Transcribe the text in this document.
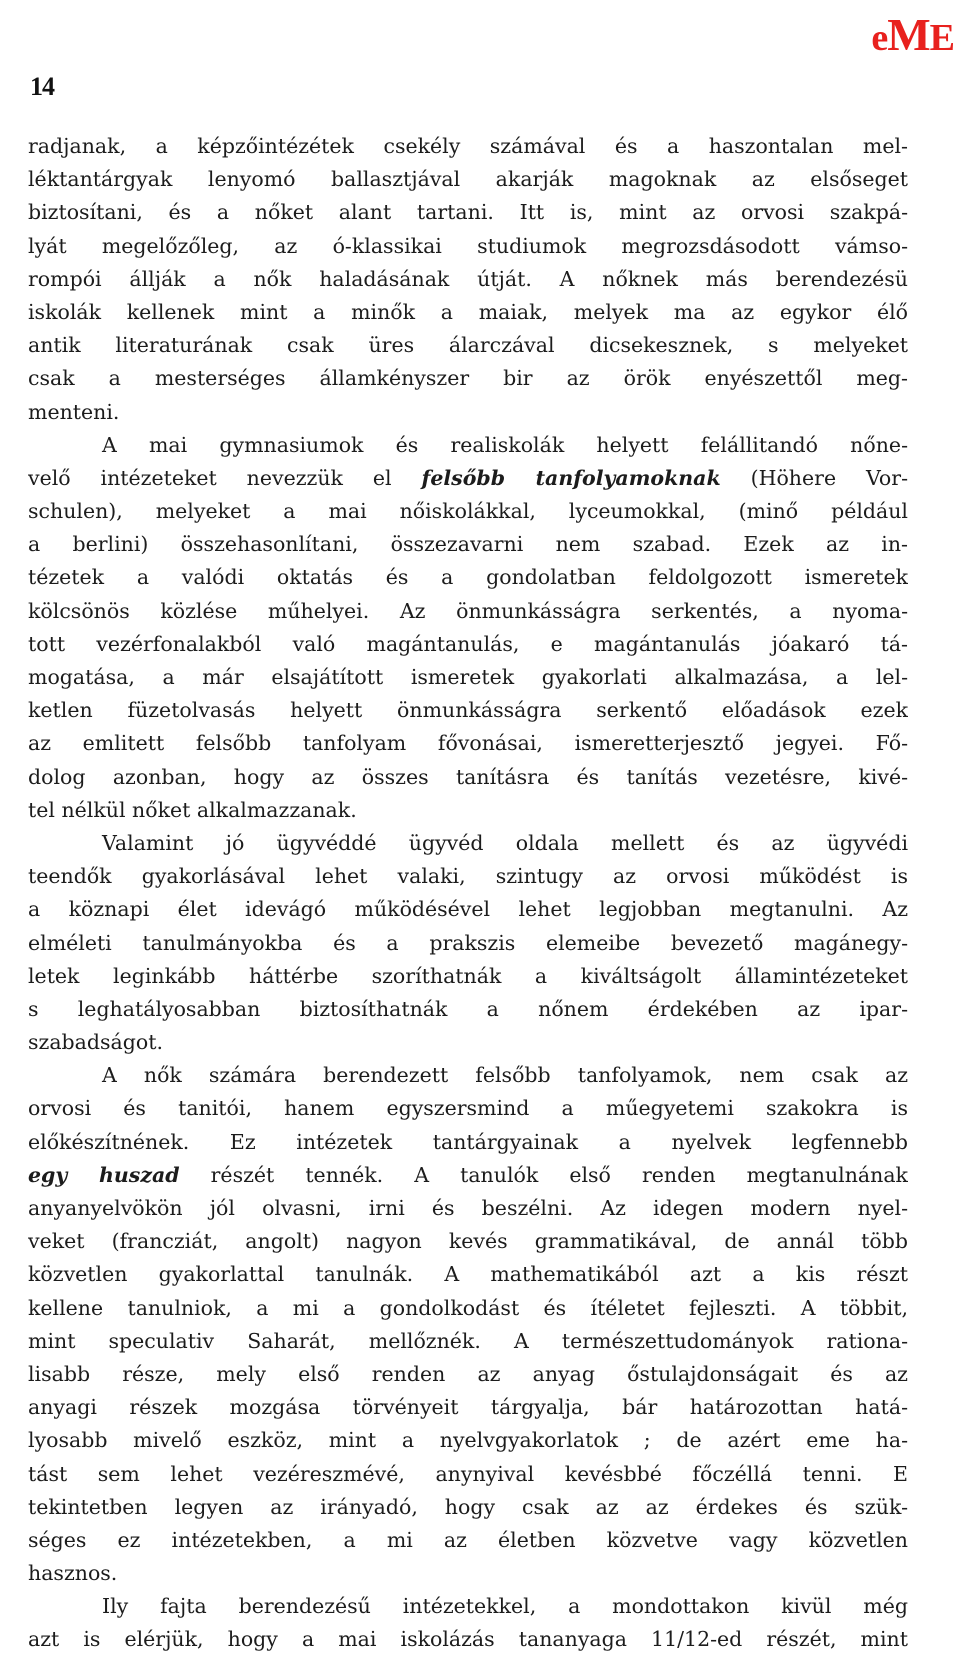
14
eME
radjanak, a képzőintézétek csekély számával és a haszontalan mel-
léktantárgyak lenyomó ballasztjával akarják magoknak az elsőseget
biztosítani, és a nőket alant tartani. Itt is, mint az orvosi szakpá-
lyát megelőzőleg, az ó-klassikai studiumok megrozsdásodott vámso-
rompói állják a nők haladásának útját. A nőknek más berendezésü
iskolák kellenek mint a minők a maiak, melyek ma az egykor élő
antik literaturának csak üres álarczával dicsekesznek, s melyeket
csak a mesterséges államkényszer bir az örök enyészettől meg-
menteni.
A mai gymnasiumok és realiskolák helyett felállitandó nőne-
velő intézeteket nevezzük el felsőbb tanfolyamoknak (Höhere Vor-
schulen), melyeket a mai nőiskolákkal, lyceumokkal, (minő például
a berlini) összehasonlítani, összezavarni nem szabad. Ezek az in-
tézetek a valódi oktatás és a gondolatban feldolgozott ismeretek
kölcsönös közlése műhelyei. Az önmunkásságra serkentés, a nyoma-
tott vezérfonalakból való magántanulás, e magántanulás jóakaró tá-
mogatása, a már elsajátított ismeretek gyakorlati alkalmazása, a lel-
ketlen füzetolvasás helyett önmunkásságra serkentő előadások ezek
az emlitett felsőbb tanfolyam fővonásai, ismeretterjesztő jegyei. Fő-
dolog azonban, hogy az összes tanításra és tanítás vezetésre, kivé-
tel nélkül nőket alkalmazzanak.
Valamint jó ügyvéddé ügyvéd oldala mellett és az ügyvédi
teendők gyakorlásával lehet valaki, szintugy az orvosi működést is
a köznapi élet idevágó működésével lehet legjobban megtanulni. Az
elméleti tanulmányokba és a prakszis elemeibe bevezető magánegy-
letek leginkább háttérbe szoríthatnák a kiváltságolt államintézeteket
s leghatályosabban biztosíthatnák a nőnem érdekében az ipar-
szabadságot.
A nők számára berendezett felsőbb tanfolyamok, nem csak az
orvosi és tanitói, hanem egyszersmind a műegyetemi szakokra is
előkészítnének. Ez intézetek tantárgyainak a nyelvek legfennebb
egy huszad részét tennék. A tanulók első renden megtanulnának
anyanyelvökön jól olvasni, irni és beszélni. Az idegen modern nyel-
veket (francziát, angolt) nagyon kevés grammatikával, de annál több
közvetlen gyakorlattal tanulnák. A mathematikából azt a kis részt
kellene tanulniok, a mi a gondolkodást és ítéletet fejleszti. A többit,
mint speculativ Saharát, mellőznék. A természettudományok rationa-
lisabb része, mely első renden az anyag őstulajdonságait és az
anyagi részek mozgása törvényeit tárgyalja, bár határozottan hatá-
lyosabb mivelő eszköz, mint a nyelvgyakorlatok ; de azért eme ha-
tást sem lehet vezéreszmévé, anynyival kevésbbé főczéllá tenni. E
tekintetben legyen az irányadó, hogy csak az az érdekes és szük-
séges ez intézetekben, a mi az életben közvetve vagy közvetlen
hasznos.
Ily fajta berendezésű intézetekkel, a mondottakon kivül még
azt is elérjük, hogy a mai iskolázás tananyaga 11/12-ed részét, mint
